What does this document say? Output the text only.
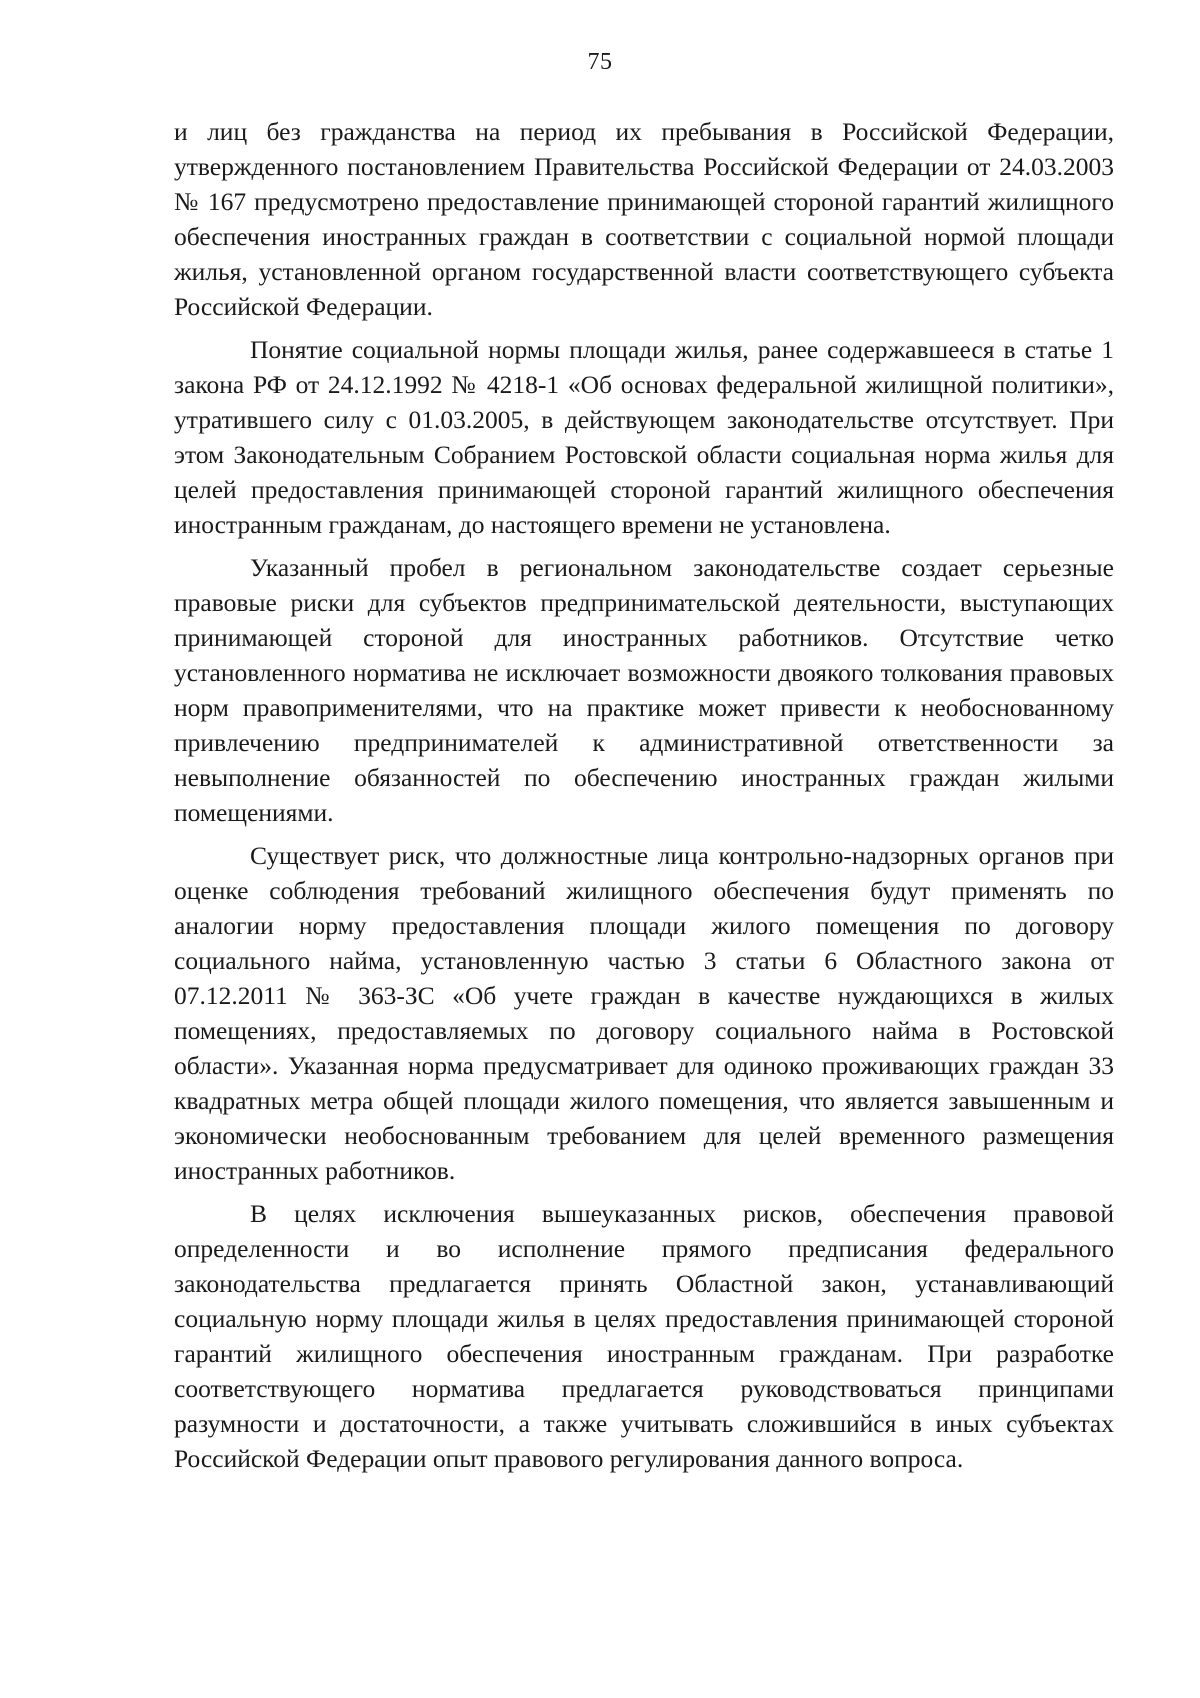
75

и лиц без гражданства на период их пребывания в Российской Федерации, утвержденного постановлением Правительства Российской Федерации от 24.03.2003 № 167 предусмотрено предоставление принимающей стороной гарантий жилищного обеспечения иностранных граждан в соответствии с социальной нормой площади жилья, установленной органом государственной власти соответствующего субъекта Российской Федерации.

Понятие социальной нормы площади жилья, ранее содержавшееся в статье 1 закона РФ от 24.12.1992 № 4218-1 «Об основах федеральной жилищной политики», утратившего силу с 01.03.2005, в действующем законодательстве отсутствует. При этом Законодательным Собранием Ростовской области социальная норма жилья для целей предоставления принимающей стороной гарантий жилищного обеспечения иностранным гражданам, до настоящего времени не установлена.

Указанный пробел в региональном законодательстве создает серьезные правовые риски для субъектов предпринимательской деятельности, выступающих принимающей стороной для иностранных работников. Отсутствие четко установленного норматива не исключает возможности двоякого толкования правовых норм правоприменителями, что на практике может привести к необоснованному привлечению предпринимателей к административной ответственности за невыполнение обязанностей по обеспечению иностранных граждан жилыми помещениями.

Существует риск, что должностные лица контрольно-надзорных органов при оценке соблюдения требований жилищного обеспечения будут применять по аналогии норму предоставления площади жилого помещения по договору социального найма, установленную частью 3 статьи 6 Областного закона от 07.12.2011 № 363-ЗС «Об учете граждан в качестве нуждающихся в жилых помещениях, предоставляемых по договору социального найма в Ростовской области». Указанная норма предусматривает для одиноко проживающих граждан 33 квадратных метра общей площади жилого помещения, что является завышенным и экономически необоснованным требованием для целей временного размещения иностранных работников.

В целях исключения вышеуказанных рисков, обеспечения правовой определенности и во исполнение прямого предписания федерального законодательства предлагается принять Областной закон, устанавливающий социальную норму площади жилья в целях предоставления принимающей стороной гарантий жилищного обеспечения иностранным гражданам. При разработке соответствующего норматива предлагается руководствоваться принципами разумности и достаточности, а также учитывать сложившийся в иных субъектах Российской Федерации опыт правового регулирования данного вопроса.
